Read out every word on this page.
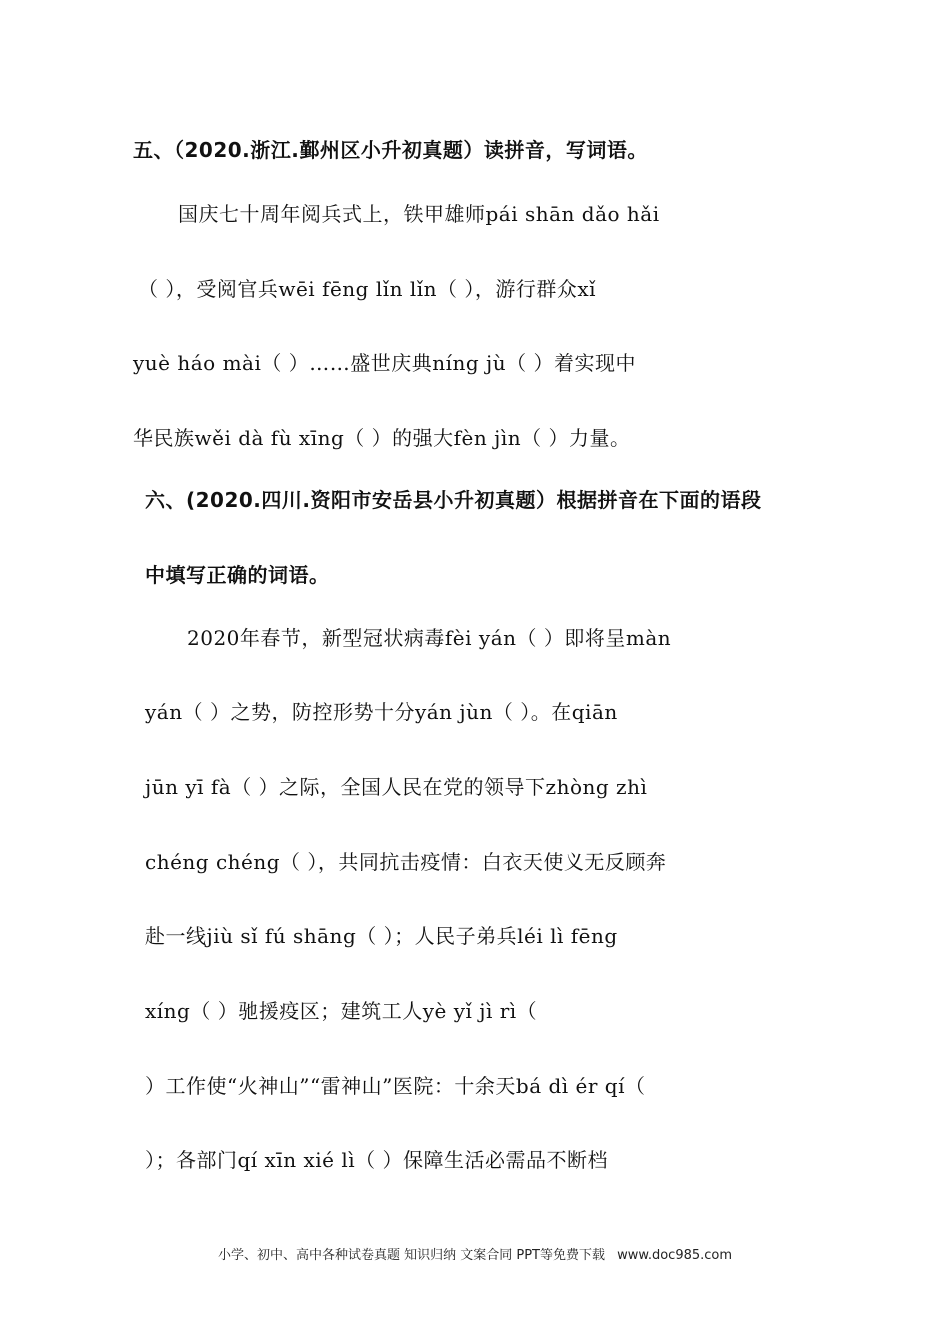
五、（2020.浙江.鄞州区小升初真题）读拼音，写词语。
国庆七十周年阅兵式上，铁甲雄师pái shān dǎo hǎi
（ ），受阅官兵wēi fēng lǐn lǐn（ ），游行群众xǐ
yuè háo mài（ ）……盛世庆典níng jù（ ）着实现中
华民族wěi dà fù xīng（ ）的强大fèn jìn（ ）力量。
六、(2020.四川.资阳市安岳县小升初真题）根据拼音在下面的语段
中填写正确的词语。
2020年春节，新型冠状病毒fèi yán（ ）即将呈màn
yán（ ）之势，防控形势十分yán jùn（ ）。在qiān
jūn yī fà（ ）之际，全国人民在党的领导下zhòng zhì
chéng chéng（ ），共同抗击疫情：白衣天使义无反顾奔
赴一线jiù sǐ fú shāng（ ）；人民子弟兵léi lì fēng
xíng（ ）驰援疫区；建筑工人yè yǐ jì rì（
）工作使“火神山”“雷神山”医院：十余天bá dì ér qí（
）；各部门qí xīn xié lì（ ）保障生活必需品不断档
小学、初中、高中各种试卷真题 知识归纳 文案合同 PPT等免费下载 www.doc985.com
